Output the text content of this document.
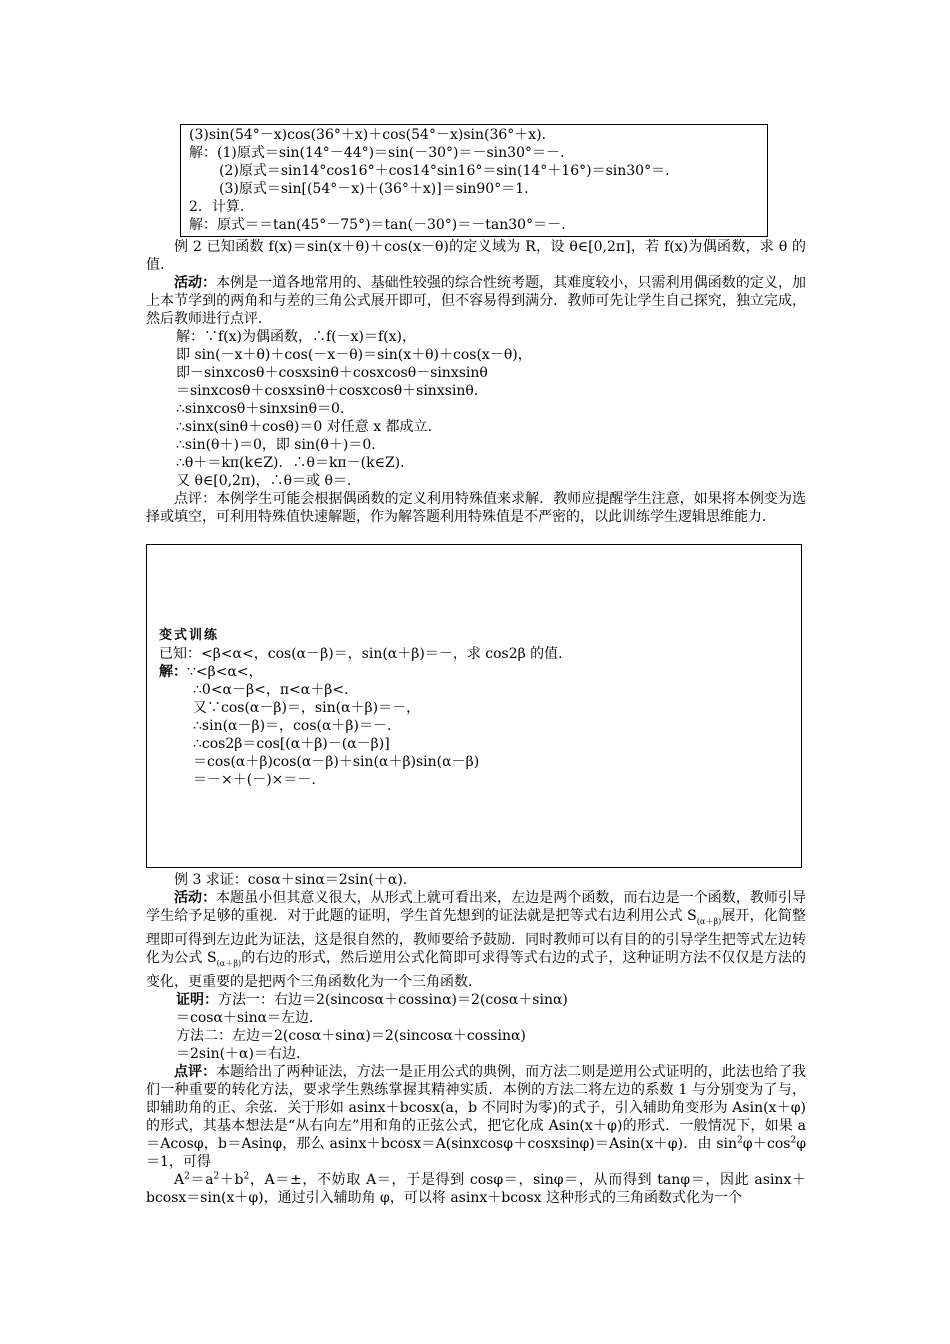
(3)sin(54°－x)cos(36°＋x)＋cos(54°－x)sin(36°＋x)．
解：(1)原式＝sin(14°－44°)＝sin(－30°)＝－sin30°＝－.
(2)原式＝sin14°cos16°＋cos14°sin16°＝sin(14°＋16°)＝sin30°＝.
(3)原式＝sin[(54°－x)＋(36°＋x)]＝sin90°＝1.
2．计算.
解：原式＝＝tan(45°－75°)＝tan(－30°)＝－tan30°＝－.
例 2 已知函数 f(x)＝sin(x＋θ)＋cos(x－θ)的定义域为 R，设 θ∈[0,2π]，若 f(x)为偶函数，求 θ 的值.
活动：本例是一道各地常用的、基础性较强的综合性统考题，其难度较小，只需利用偶函数的定义，加上本节学到的两角和与差的三角公式展开即可，但不容易得到满分．教师可先让学生自己探究，独立完成，然后教师进行点评．
解：∵f(x)为偶函数，∴f(－x)＝f(x)，
即 sin(－x＋θ)＋cos(－x－θ)＝sin(x＋θ)＋cos(x－θ)，
即－sinxcosθ＋cosxsinθ＋cosxcosθ－sinxsinθ
＝sinxcosθ＋cosxsinθ＋cosxcosθ＋sinxsinθ.
∴sinxcosθ＋sinxsinθ＝0.
∴sinx(sinθ＋cosθ)＝0 对任意 x 都成立.
∴sin(θ＋)＝0，即 sin(θ＋)＝0.
∴θ＋＝kπ(k∈Z)．∴θ＝kπ－(k∈Z)．
又 θ∈[0,2π)，∴θ＝或 θ＝.
点评：本例学生可能会根据偶函数的定义利用特殊值来求解．教师应提醒学生注意，如果将本例变为选择或填空，可利用特殊值快速解题，作为解答题利用特殊值是不严密的，以此训练学生逻辑思维能力．
变式训练
已知：<β<α<，cos(α－β)＝，sin(α＋β)＝－，求 cos2β 的值．
解：∵<β<α<，
∴0<α－β<，π<α＋β<.
又∵cos(α－β)＝，sin(α＋β)＝－，
∴sin(α－β)＝，cos(α＋β)＝－.
∴cos2β＝cos[(α＋β)－(α－β)]
＝cos(α＋β)cos(α－β)＋sin(α＋β)sin(α－β)
＝－×＋(－)×＝－.
例 3 求证：cosα＋sinα＝2sin(＋α)．
活动：本题虽小但其意义很大，从形式上就可看出来，左边是两个函数，而右边是一个函数，教师引导学生给予足够的重视．对于此题的证明，学生首先想到的证法就是把等式右边利用公式 $S_{(\alpha+\beta)}$展开，化简整理即可得到左边此为证法，这是很自然的，教师要给予鼓励．同时教师可以有目的的引导学生把等式左边转化为公式 $S_{(\alpha+\beta)}$的右边的形式，然后逆用公式化简即可求得等式右边的式子，这种证明方法不仅仅是方法的变化，更重要的是把两个三角函数化为一个三角函数．
证明：方法一：右边＝2(sincosα＋cossinα)＝2(cosα＋sinα)
＝cosα＋sinα＝左边．
方法二：左边＝2(cosα＋sinα)＝2(sincosα＋cossinα)
＝2sin(＋α)＝右边．
点评：本题给出了两种证法，方法一是正用公式的典例，而方法二则是逆用公式证明的，此法也给了我们一种重要的转化方法，要求学生熟练掌握其精神实质．本例的方法二将左边的系数 1 与分别变为了与，即辅助角的正、余弦．关于形如 asinx＋bcosx(a，b 不同时为零)的式子，引入辅助角变形为 Asin(x＋φ)的形式，其基本想法是“从右向左”用和角的正弦公式，把它化成 Asin(x＋φ)的形式．一般情况下，如果 a＝Acosφ，b＝Asinφ，那么 asinx＋bcosx＝A(sinxcosφ＋cosxsinφ)＝Asin(x＋φ)．由 $\sin^2\varphi+\cos^2\varphi=1$，可得
$A^2=a^2+b^2$，A＝±，不妨取 A＝，于是得到 cosφ＝，sinφ＝，从而得到 tanφ＝，因此 asinx＋bcosx＝sin(x＋φ)，通过引入辅助角 φ，可以将 asinx＋bcosx 这种形式的三角函数式化为一个
